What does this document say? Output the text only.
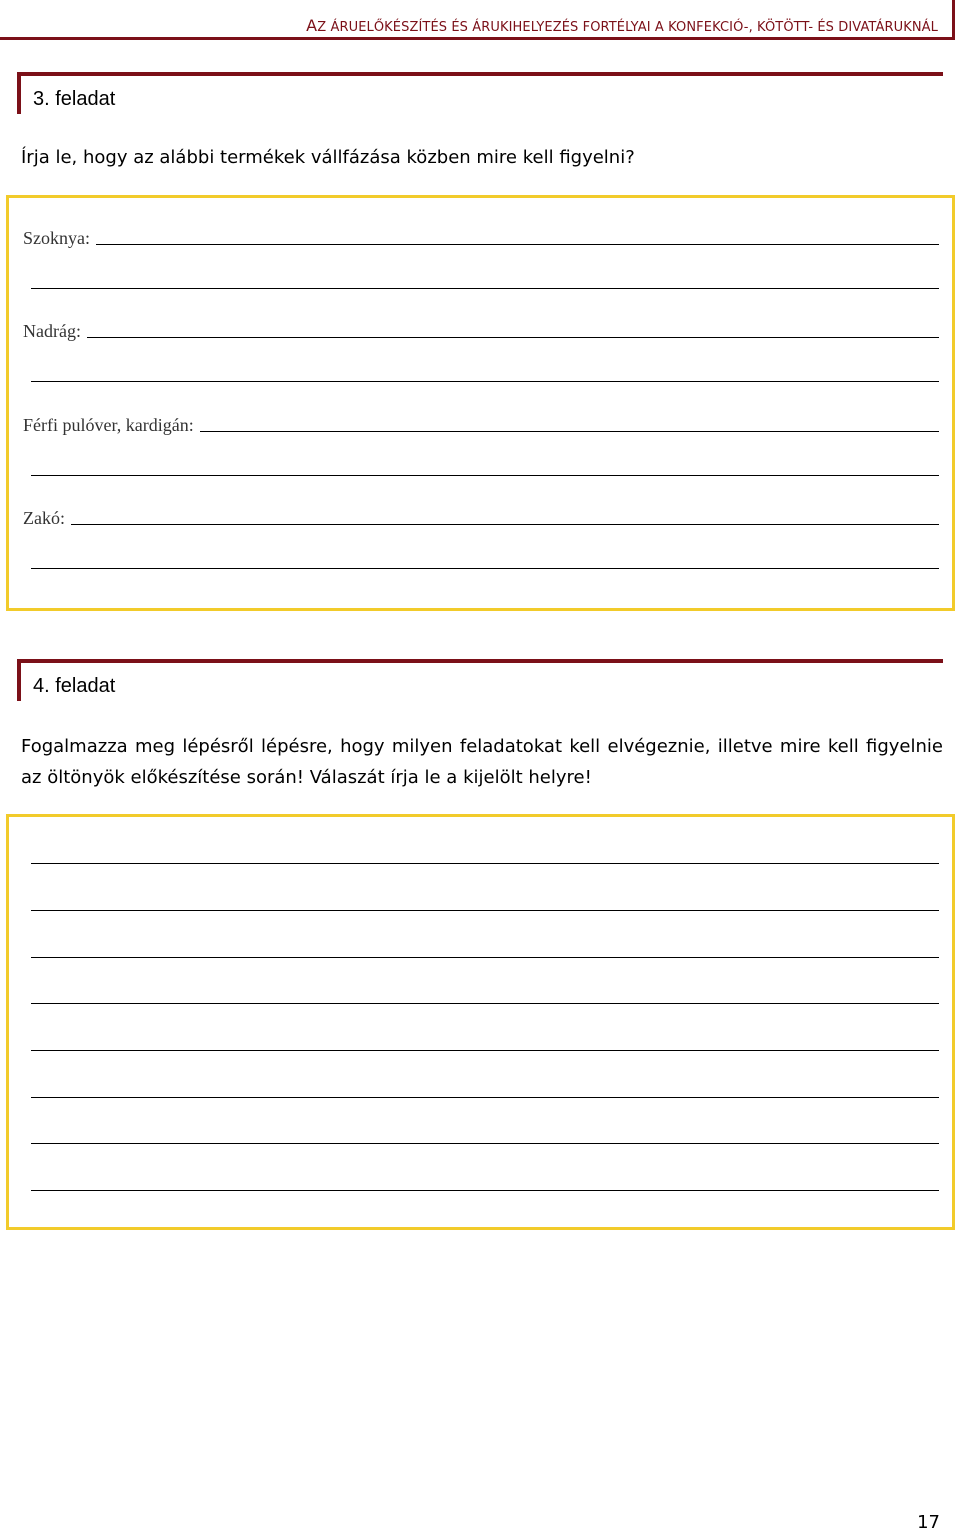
AZ ÁRUELŐKÉSZÍTÉS ÉS ÁRUKIHELYEZÉS FORTÉLYAI A KONFEKCIÓ-, KÖTÖTT- ÉS DIVATÁRUKNÁL
3. feladat
Írja le, hogy az alábbi termékek vállfázása közben mire kell figyelni?
Szoknya:
Nadrág:
Férfi pulóver, kardigán:
Zakó:
4. feladat
Fogalmazza meg lépésről lépésre, hogy milyen feladatokat kell elvégeznie, illetve mire kell figyelnie az öltönyök előkészítése során! Válaszát írja le a kijelölt helyre!
17
